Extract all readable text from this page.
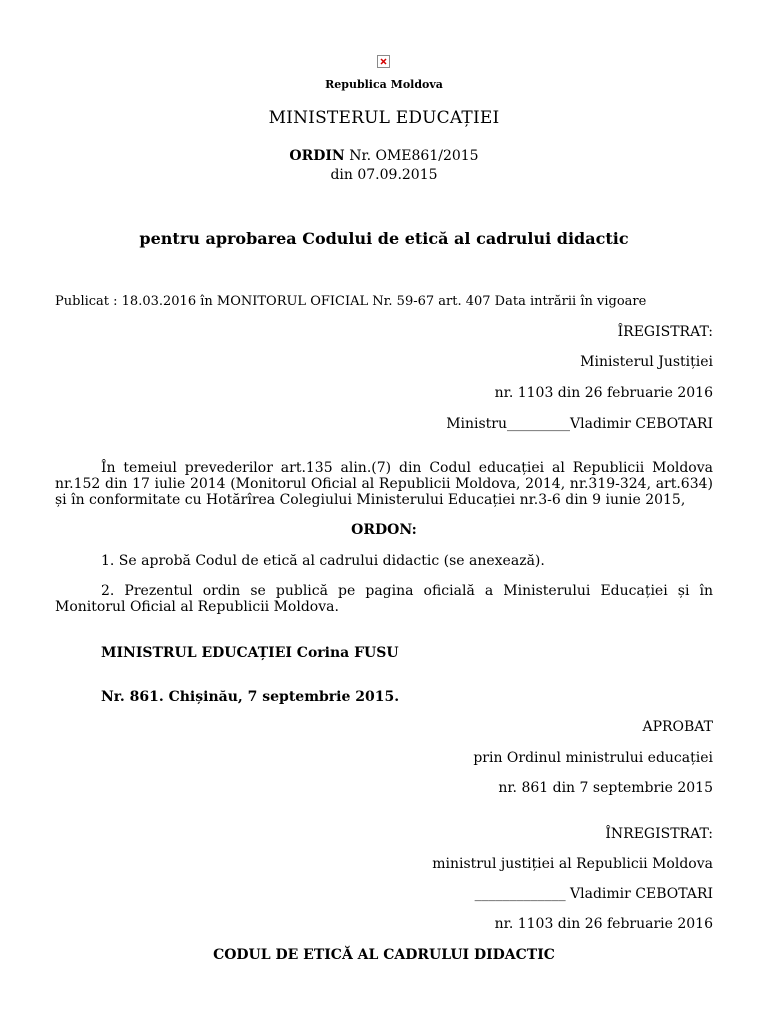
Republica Moldova
MINISTERUL EDUCAȚIEI
ORDIN Nr. OME861/2015
din 07.09.2015
pentru aprobarea Codului de etică al cadrului didactic
Publicat : 18.03.2016 în MONITORUL OFICIAL Nr. 59-67 art. 407 Data intrării în vigoare
ÎREGISTRAT:
Ministerul Justiției
nr. 1103 din 26 februarie 2016
Ministru_________Vladimir CEBOTARI
În temeiul prevederilor art.135 alin.(7) din Codul educației al Republicii Moldova
nr.152 din 17 iulie 2014 (Monitorul Oficial al Republicii Moldova, 2014, nr.319-324, art.634)
și în conformitate cu Hotărîrea Colegiului Ministerului Educației nr.3-6 din 9 iunie 2015,
ORDON:
1. Se aprobă Codul de etică al cadrului didactic (se anexează).
2. Prezentul ordin se publică pe pagina oficială a Ministerului Educației și în
Monitorul Oficial al Republicii Moldova.
MINISTRUL EDUCAȚIEI Corina FUSU
Nr. 861. Chișinău, 7 septembrie 2015.
APROBAT
prin Ordinul ministrului educației
nr. 861 din 7 septembrie 2015
ÎNREGISTRAT:
ministrul justiției al Republicii Moldova
_____________ Vladimir CEBOTARI
nr. 1103 din 26 februarie 2016
CODUL DE ETICĂ AL CADRULUI DIDACTIC
